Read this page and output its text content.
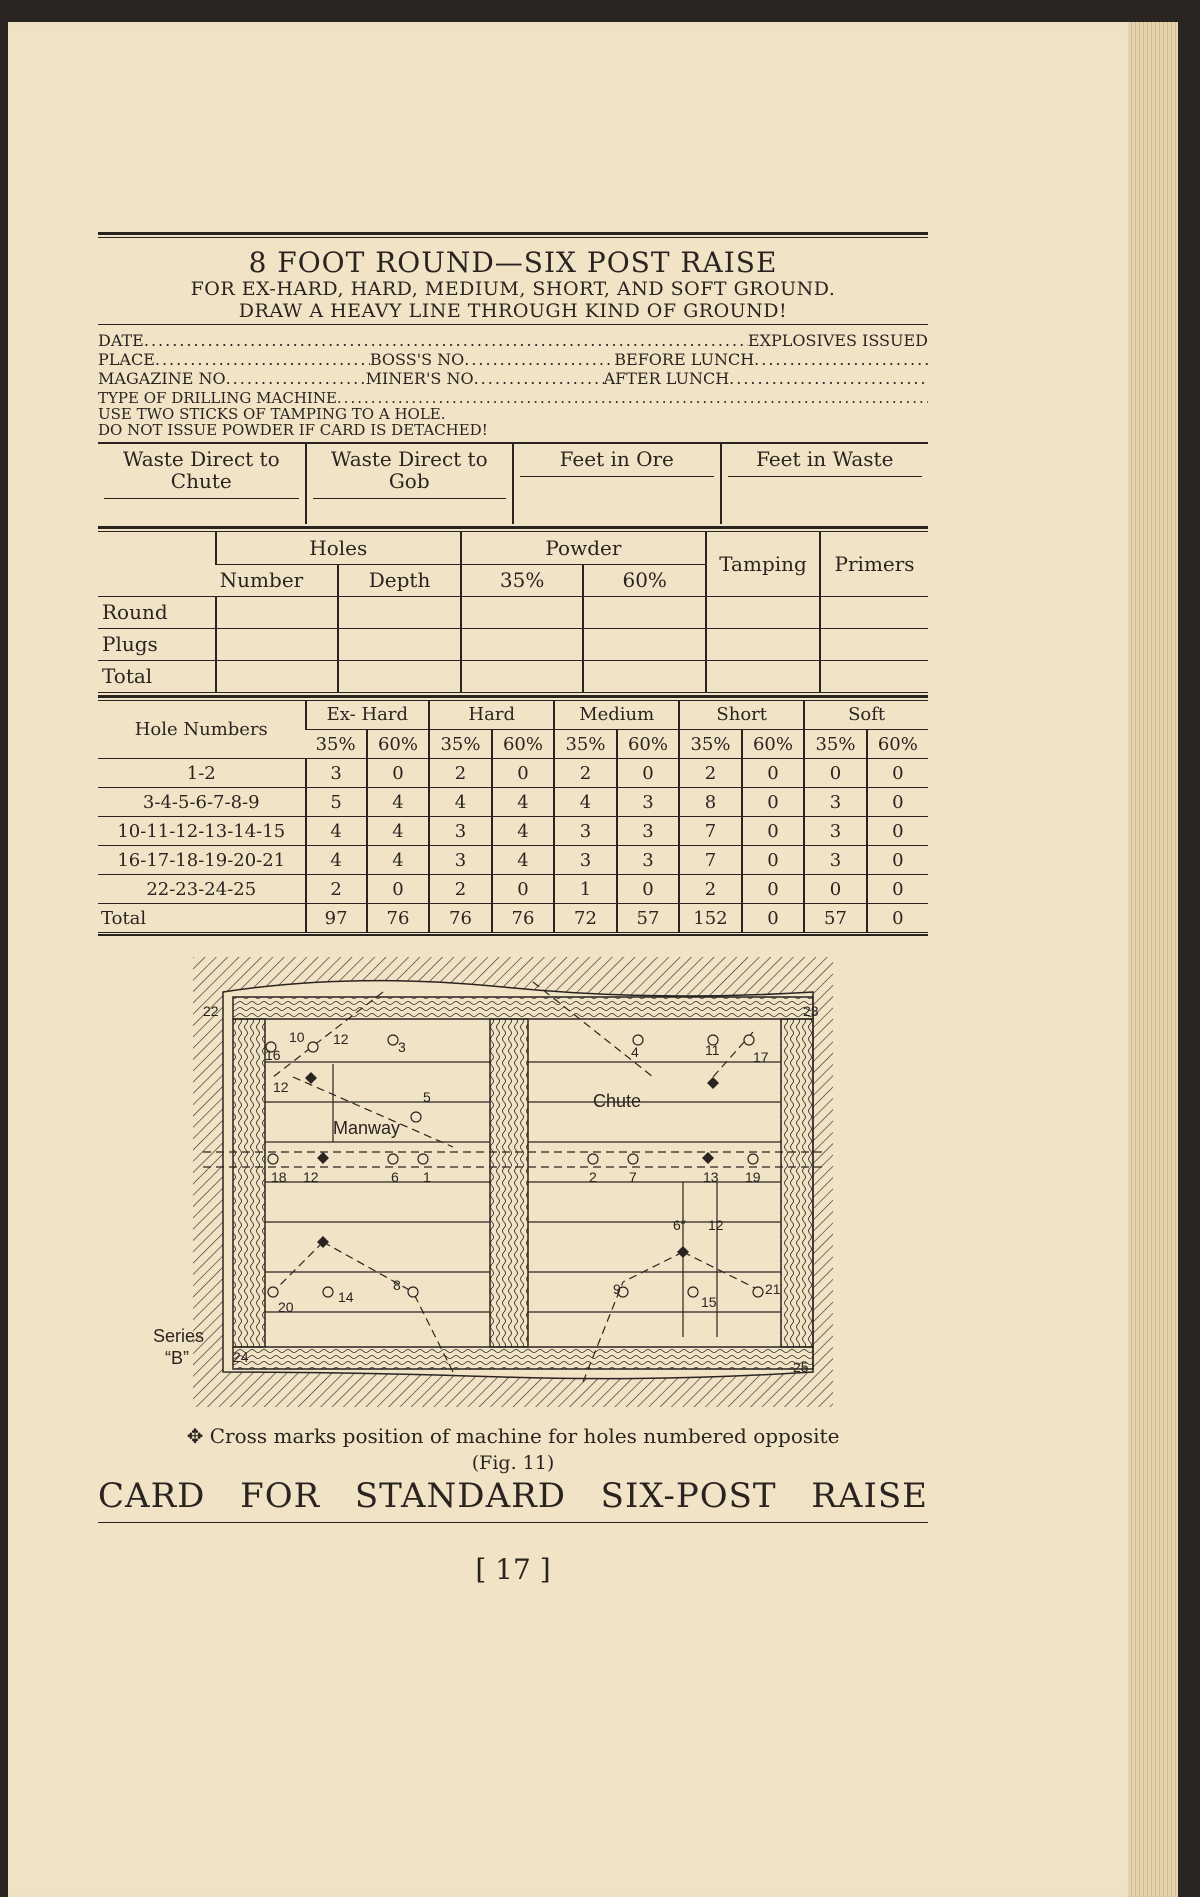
8 FOOT ROUND—SIX POST RAISE
FOR EX-HARD, HARD, MEDIUM, SHORT, AND SOFT GROUND.
DRAW A HEAVY LINE THROUGH KIND OF GROUND!
DATE .....	EXPLOSIVES ISSUED
PLACE .....	BOSS'S NO .....	BEFORE LUNCH
.....
MAGAZINE NO .....	MINER'S NO .....	AFTER LUNCH
.....
TYPE OF DRILLING MACHINE
.....
USE TWO STICKS OF TAMPING TO A HOLE.
DO NOT ISSUE POWDER IF CARD IS DETACHED!
Waste Direct to Chute

Waste Direct to Gob

Feet in Ore	Feet in Waste
	Holes		Powder		Tamping	Primers
	Number	Depth	35%	60%		
Round						
Plugs						
Total						
Hole Numbers	Ex- Hard		Hard		Medium		Short		Soft	
	35%	60%	35%	60%	35%	60%	35%	60%	35%	60%
1-2	3	0	2	0	2	0	2	0	0	0
3-4-5-6-7-8-9	5	4	4	4	4	3	8	0	3	0
10-11-12-13-14-15	4	4	3	4	3	3	7	0	3	0
16-17-18-19-20-21	4	4	3	4	3	3	7	0	3	0
22-23-24-25	2	0	2	0	1	0	2	0	0	0
Total	97	76	76	76	72	57	152	0	57	0
12	3
10
16
5
4	11 17
18 12	6 1	2 7	13 19
20
14
8	9
15
21
22	23
24
25
12
12
6″
Manway
Chute
Series
“B”
✥ Cross marks position of machine for holes numbered opposite
(Fig. 11)
CARD FOR STANDARD SIX-POST RAISE
[ 17 ]
